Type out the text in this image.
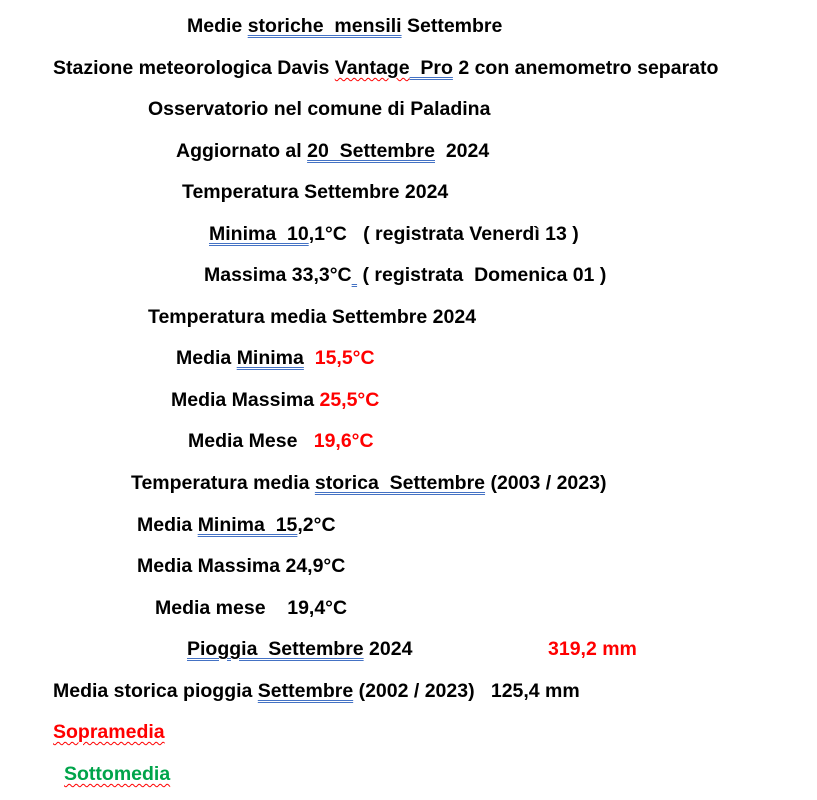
Medie storiche  mensili Settembre
Stazione meteorologica Davis Vantage  Pro 2 con anemometro separato
Osservatorio nel comune di Paladina
Aggiornato al 20  Settembre  2024
Temperatura Settembre 2024
Minima  10,1°C   ( registrata Venerdì 13 )
Massima 33,3°C  ( registrata  Domenica 01 )
Temperatura media Settembre 2024
Media Minima 15,5°C
Media Massima 25,5°C
Media Mese   19,6°C
Temperatura media storica  Settembre (2003 / 2023)
Media Minima  15,2°C
Media Massima 24,9°C
Media mese    19,4°C
Pioggia  Settembre 2024	319,2 mm
Media storica pioggia Settembre (2002 / 2023)   125,4 mm
Sopramedia
Sottomedia
